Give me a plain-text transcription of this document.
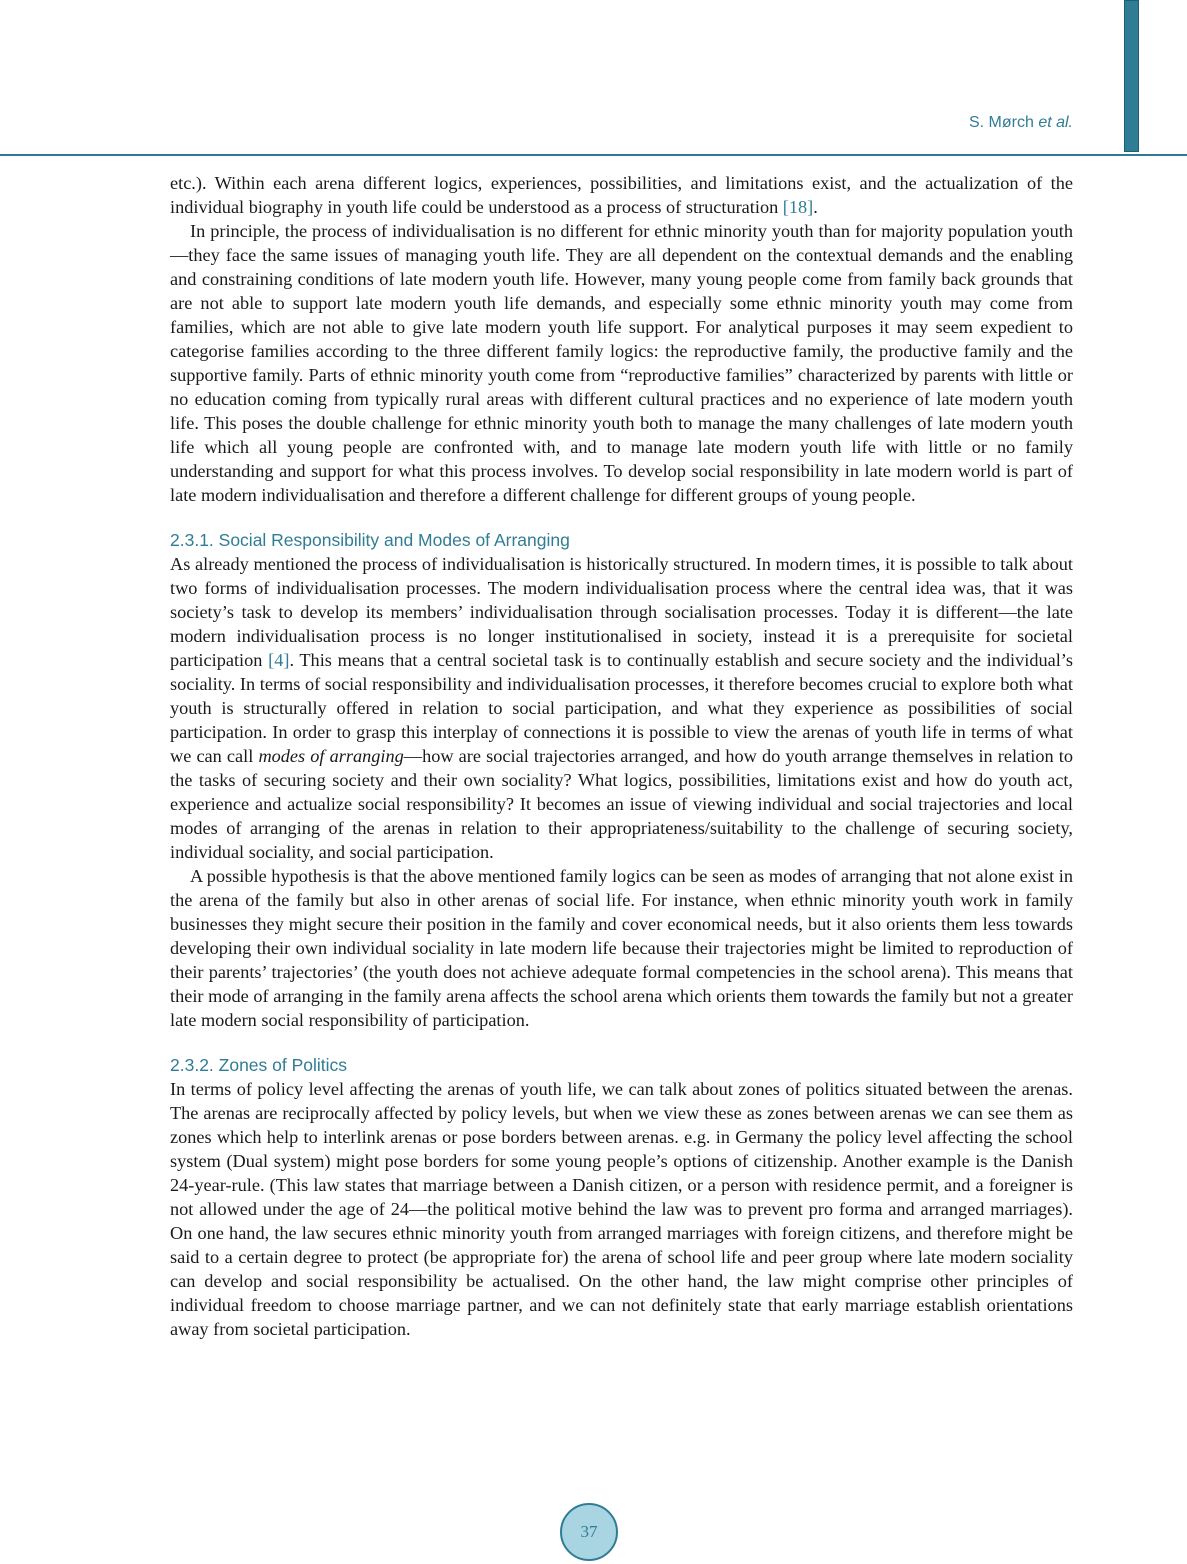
S. Mørch et al.

etc.). Within each arena different logics, experiences, possibilities, and limitations exist, and the actualization of the individual biography in youth life could be understood as a process of structuration [18].

In principle, the process of individualisation is no different for ethnic minority youth than for majority population youth—they face the same issues of managing youth life. They are all dependent on the contextual demands and the enabling and constraining conditions of late modern youth life. However, many young people come from family back grounds that are not able to support late modern youth life demands, and especially some ethnic minority youth may come from families, which are not able to give late modern youth life support. For analytical purposes it may seem expedient to categorise families according to the three different family logics: the reproductive family, the productive family and the supportive family. Parts of ethnic minority youth come from “reproductive families” characterized by parents with little or no education coming from typically rural areas with different cultural practices and no experience of late modern youth life. This poses the double challenge for ethnic minority youth both to manage the many challenges of late modern youth life which all young people are confronted with, and to manage late modern youth life with little or no family understanding and support for what this process involves. To develop social responsibility in late modern world is part of late modern individualisation and therefore a different challenge for different groups of young people.

2.3.1. Social Responsibility and Modes of Arranging

As already mentioned the process of individualisation is historically structured. In modern times, it is possible to talk about two forms of individualisation processes. The modern individualisation process where the central idea was, that it was society’s task to develop its members’ individualisation through socialisation processes. Today it is different—the late modern individualisation process is no longer institutionalised in society, instead it is a prerequisite for societal participation [4]. This means that a central societal task is to continually establish and secure society and the individual’s sociality. In terms of social responsibility and individualisation processes, it therefore becomes crucial to explore both what youth is structurally offered in relation to social participation, and what they experience as possibilities of social participation. In order to grasp this interplay of connections it is possible to view the arenas of youth life in terms of what we can call modes of arranging—how are social trajectories arranged, and how do youth arrange themselves in relation to the tasks of securing society and their own sociality? What logics, possibilities, limitations exist and how do youth act, experience and actualize social responsibility? It becomes an issue of viewing individual and social trajectories and local modes of arranging of the arenas in relation to their appropriateness/suitability to the challenge of securing society, individual sociality, and social participation.

A possible hypothesis is that the above mentioned family logics can be seen as modes of arranging that not alone exist in the arena of the family but also in other arenas of social life. For instance, when ethnic minority youth work in family businesses they might secure their position in the family and cover economical needs, but it also orients them less towards developing their own individual sociality in late modern life because their trajectories might be limited to reproduction of their parents’ trajectories’ (the youth does not achieve adequate formal competencies in the school arena). This means that their mode of arranging in the family arena affects the school arena which orients them towards the family but not a greater late modern social responsibility of participation.

2.3.2. Zones of Politics

In terms of policy level affecting the arenas of youth life, we can talk about zones of politics situated between the arenas. The arenas are reciprocally affected by policy levels, but when we view these as zones between arenas we can see them as zones which help to interlink arenas or pose borders between arenas. e.g. in Germany the policy level affecting the school system (Dual system) might pose borders for some young people’s options of citizenship. Another example is the Danish 24-year-rule. (This law states that marriage between a Danish citizen, or a person with residence permit, and a foreigner is not allowed under the age of 24—the political motive behind the law was to prevent pro forma and arranged marriages). On one hand, the law secures ethnic minority youth from arranged marriages with foreign citizens, and therefore might be said to a certain degree to protect (be appropriate for) the arena of school life and peer group where late modern sociality can develop and social responsibility be actualised. On the other hand, the law might comprise other principles of individual freedom to choose marriage partner, and we can not definitely state that early marriage establish orientations away from societal participation.

37
